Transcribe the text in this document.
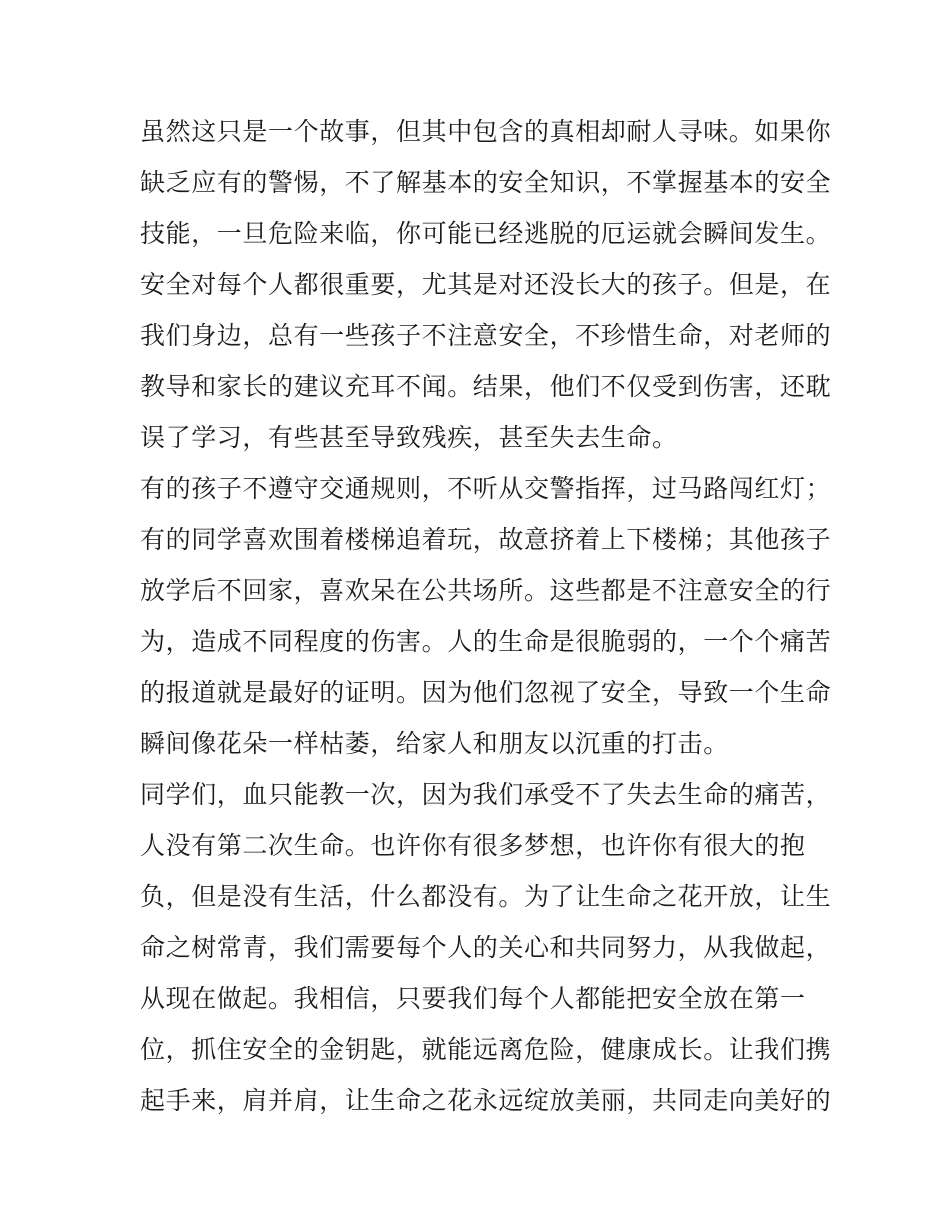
虽然这只是一个故事，但其中包含的真相却耐人寻味。如果你
缺乏应有的警惕，不了解基本的安全知识，不掌握基本的安全
技能，一旦危险来临，你可能已经逃脱的厄运就会瞬间发生。
安全对每个人都很重要，尤其是对还没长大的孩子。但是，在
我们身边，总有一些孩子不注意安全，不珍惜生命，对老师的
教导和家长的建议充耳不闻。结果，他们不仅受到伤害，还耽
误了学习，有些甚至导致残疾，甚至失去生命。
有的孩子不遵守交通规则，不听从交警指挥，过马路闯红灯；
有的同学喜欢围着楼梯追着玩，故意挤着上下楼梯；其他孩子
放学后不回家，喜欢呆在公共场所。这些都是不注意安全的行
为，造成不同程度的伤害。人的生命是很脆弱的，一个个痛苦
的报道就是最好的证明。因为他们忽视了安全，导致一个生命
瞬间像花朵一样枯萎，给家人和朋友以沉重的打击。
同学们，血只能教一次，因为我们承受不了失去生命的痛苦，
人没有第二次生命。也许你有很多梦想，也许你有很大的抱
负，但是没有生活，什么都没有。为了让生命之花开放，让生
命之树常青，我们需要每个人的关心和共同努力，从我做起，
从现在做起。我相信，只要我们每个人都能把安全放在第一
位，抓住安全的金钥匙，就能远离危险，健康成长。让我们携
起手来，肩并肩，让生命之花永远绽放美丽，共同走向美好的
